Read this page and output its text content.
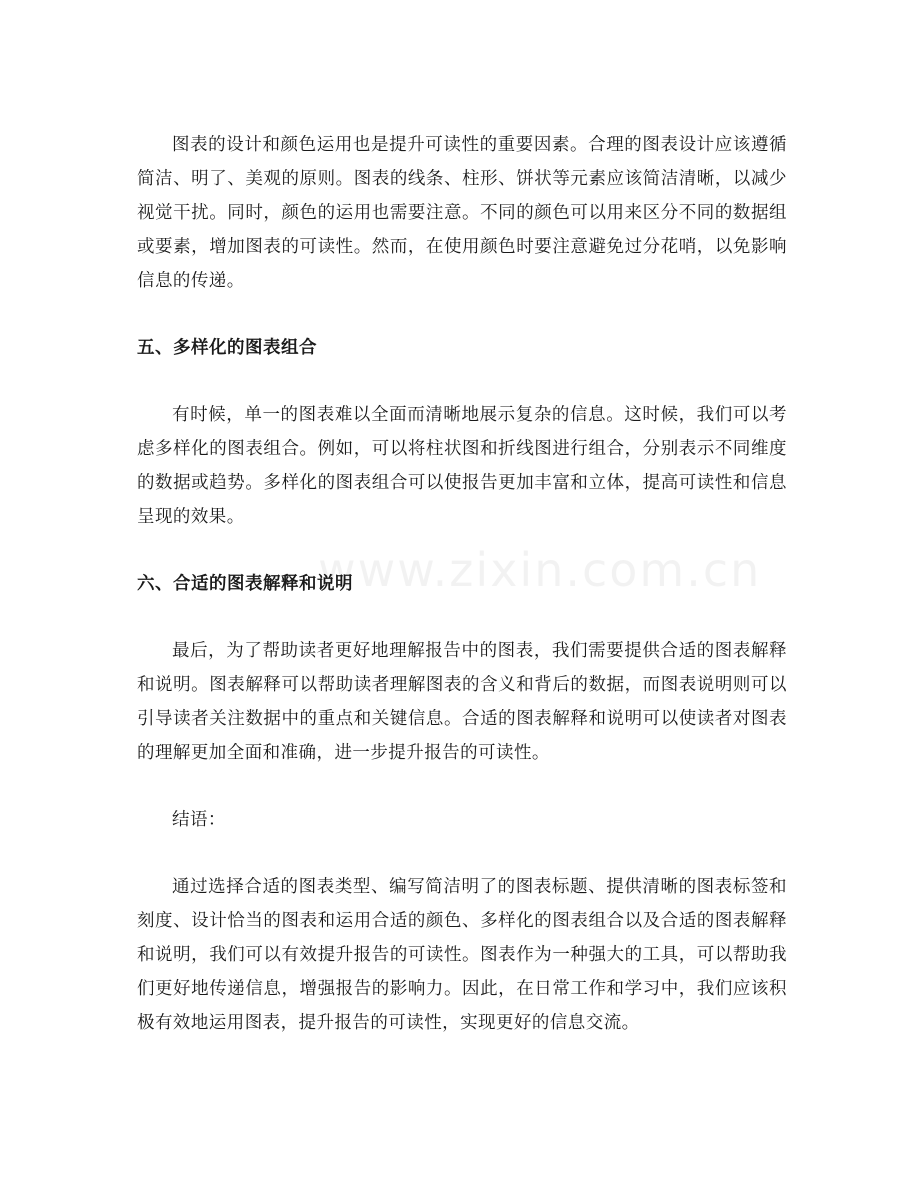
图表的设计和颜色运用也是提升可读性的重要因素。合理的图表设计应该遵循简洁、明了、美观的原则。图表的线条、柱形、饼状等元素应该简洁清晰，以减少视觉干扰。同时，颜色的运用也需要注意。不同的颜色可以用来区分不同的数据组或要素，增加图表的可读性。然而，在使用颜色时要注意避免过分花哨，以免影响信息的传递。

五、多样化的图表组合

有时候，单一的图表难以全面而清晰地展示复杂的信息。这时候，我们可以考虑多样化的图表组合。例如，可以将柱状图和折线图进行组合，分别表示不同维度的数据或趋势。多样化的图表组合可以使报告更加丰富和立体，提高可读性和信息呈现的效果。

六、合适的图表解释和说明

最后，为了帮助读者更好地理解报告中的图表，我们需要提供合适的图表解释和说明。图表解释可以帮助读者理解图表的含义和背后的数据，而图表说明则可以引导读者关注数据中的重点和关键信息。合适的图表解释和说明可以使读者对图表的理解更加全面和准确，进一步提升报告的可读性。

结语：

通过选择合适的图表类型、编写简洁明了的图表标题、提供清晰的图表标签和刻度、设计恰当的图表和运用合适的颜色、多样化的图表组合以及合适的图表解释和说明，我们可以有效提升报告的可读性。图表作为一种强大的工具，可以帮助我们更好地传递信息，增强报告的影响力。因此，在日常工作和学习中，我们应该积极有效地运用图表，提升报告的可读性，实现更好的信息交流。

www.zixin.com.cn
